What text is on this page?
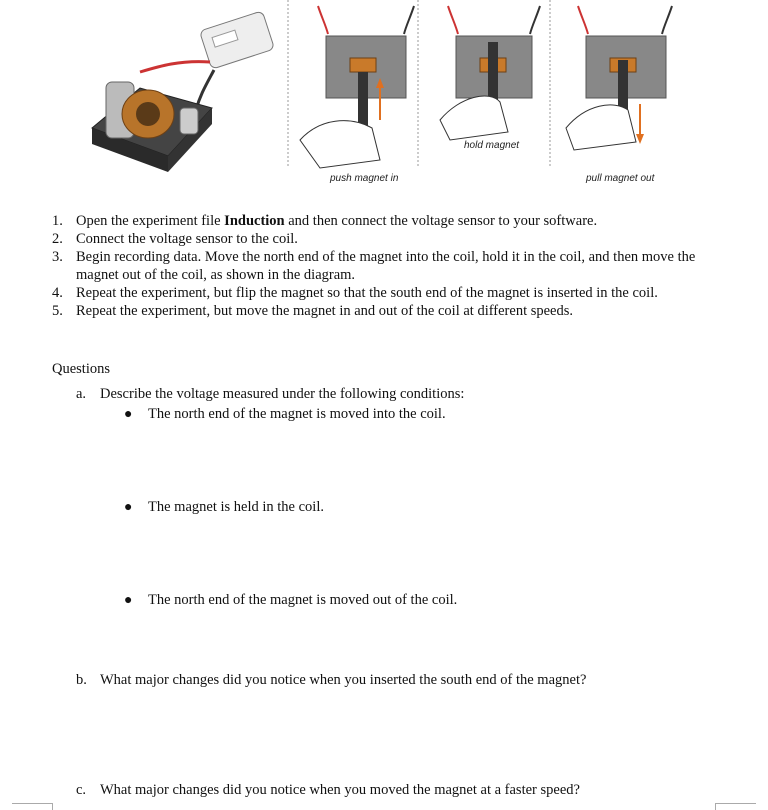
push magnet in
hold magnet
pull magnet out
1. Open the experiment file Induction and then connect the voltage sensor to your software.
2. Connect the voltage sensor to the coil.
3. Begin recording data. Move the north end of the magnet into the coil, hold it in the coil, and then move the magnet out of the coil, as shown in the diagram.
4. Repeat the experiment, but flip the magnet so that the south end of the magnet is inserted in the coil.
5. Repeat the experiment, but move the magnet in and out of the coil at different speeds.
Questions
a. Describe the voltage measured under the following conditions:
● The north end of the magnet is moved into the coil.
● The magnet is held in the coil.
● The north end of the magnet is moved out of the coil.
b. What major changes did you notice when you inserted the south end of the magnet?
c. What major changes did you notice when you moved the magnet at a faster speed?
